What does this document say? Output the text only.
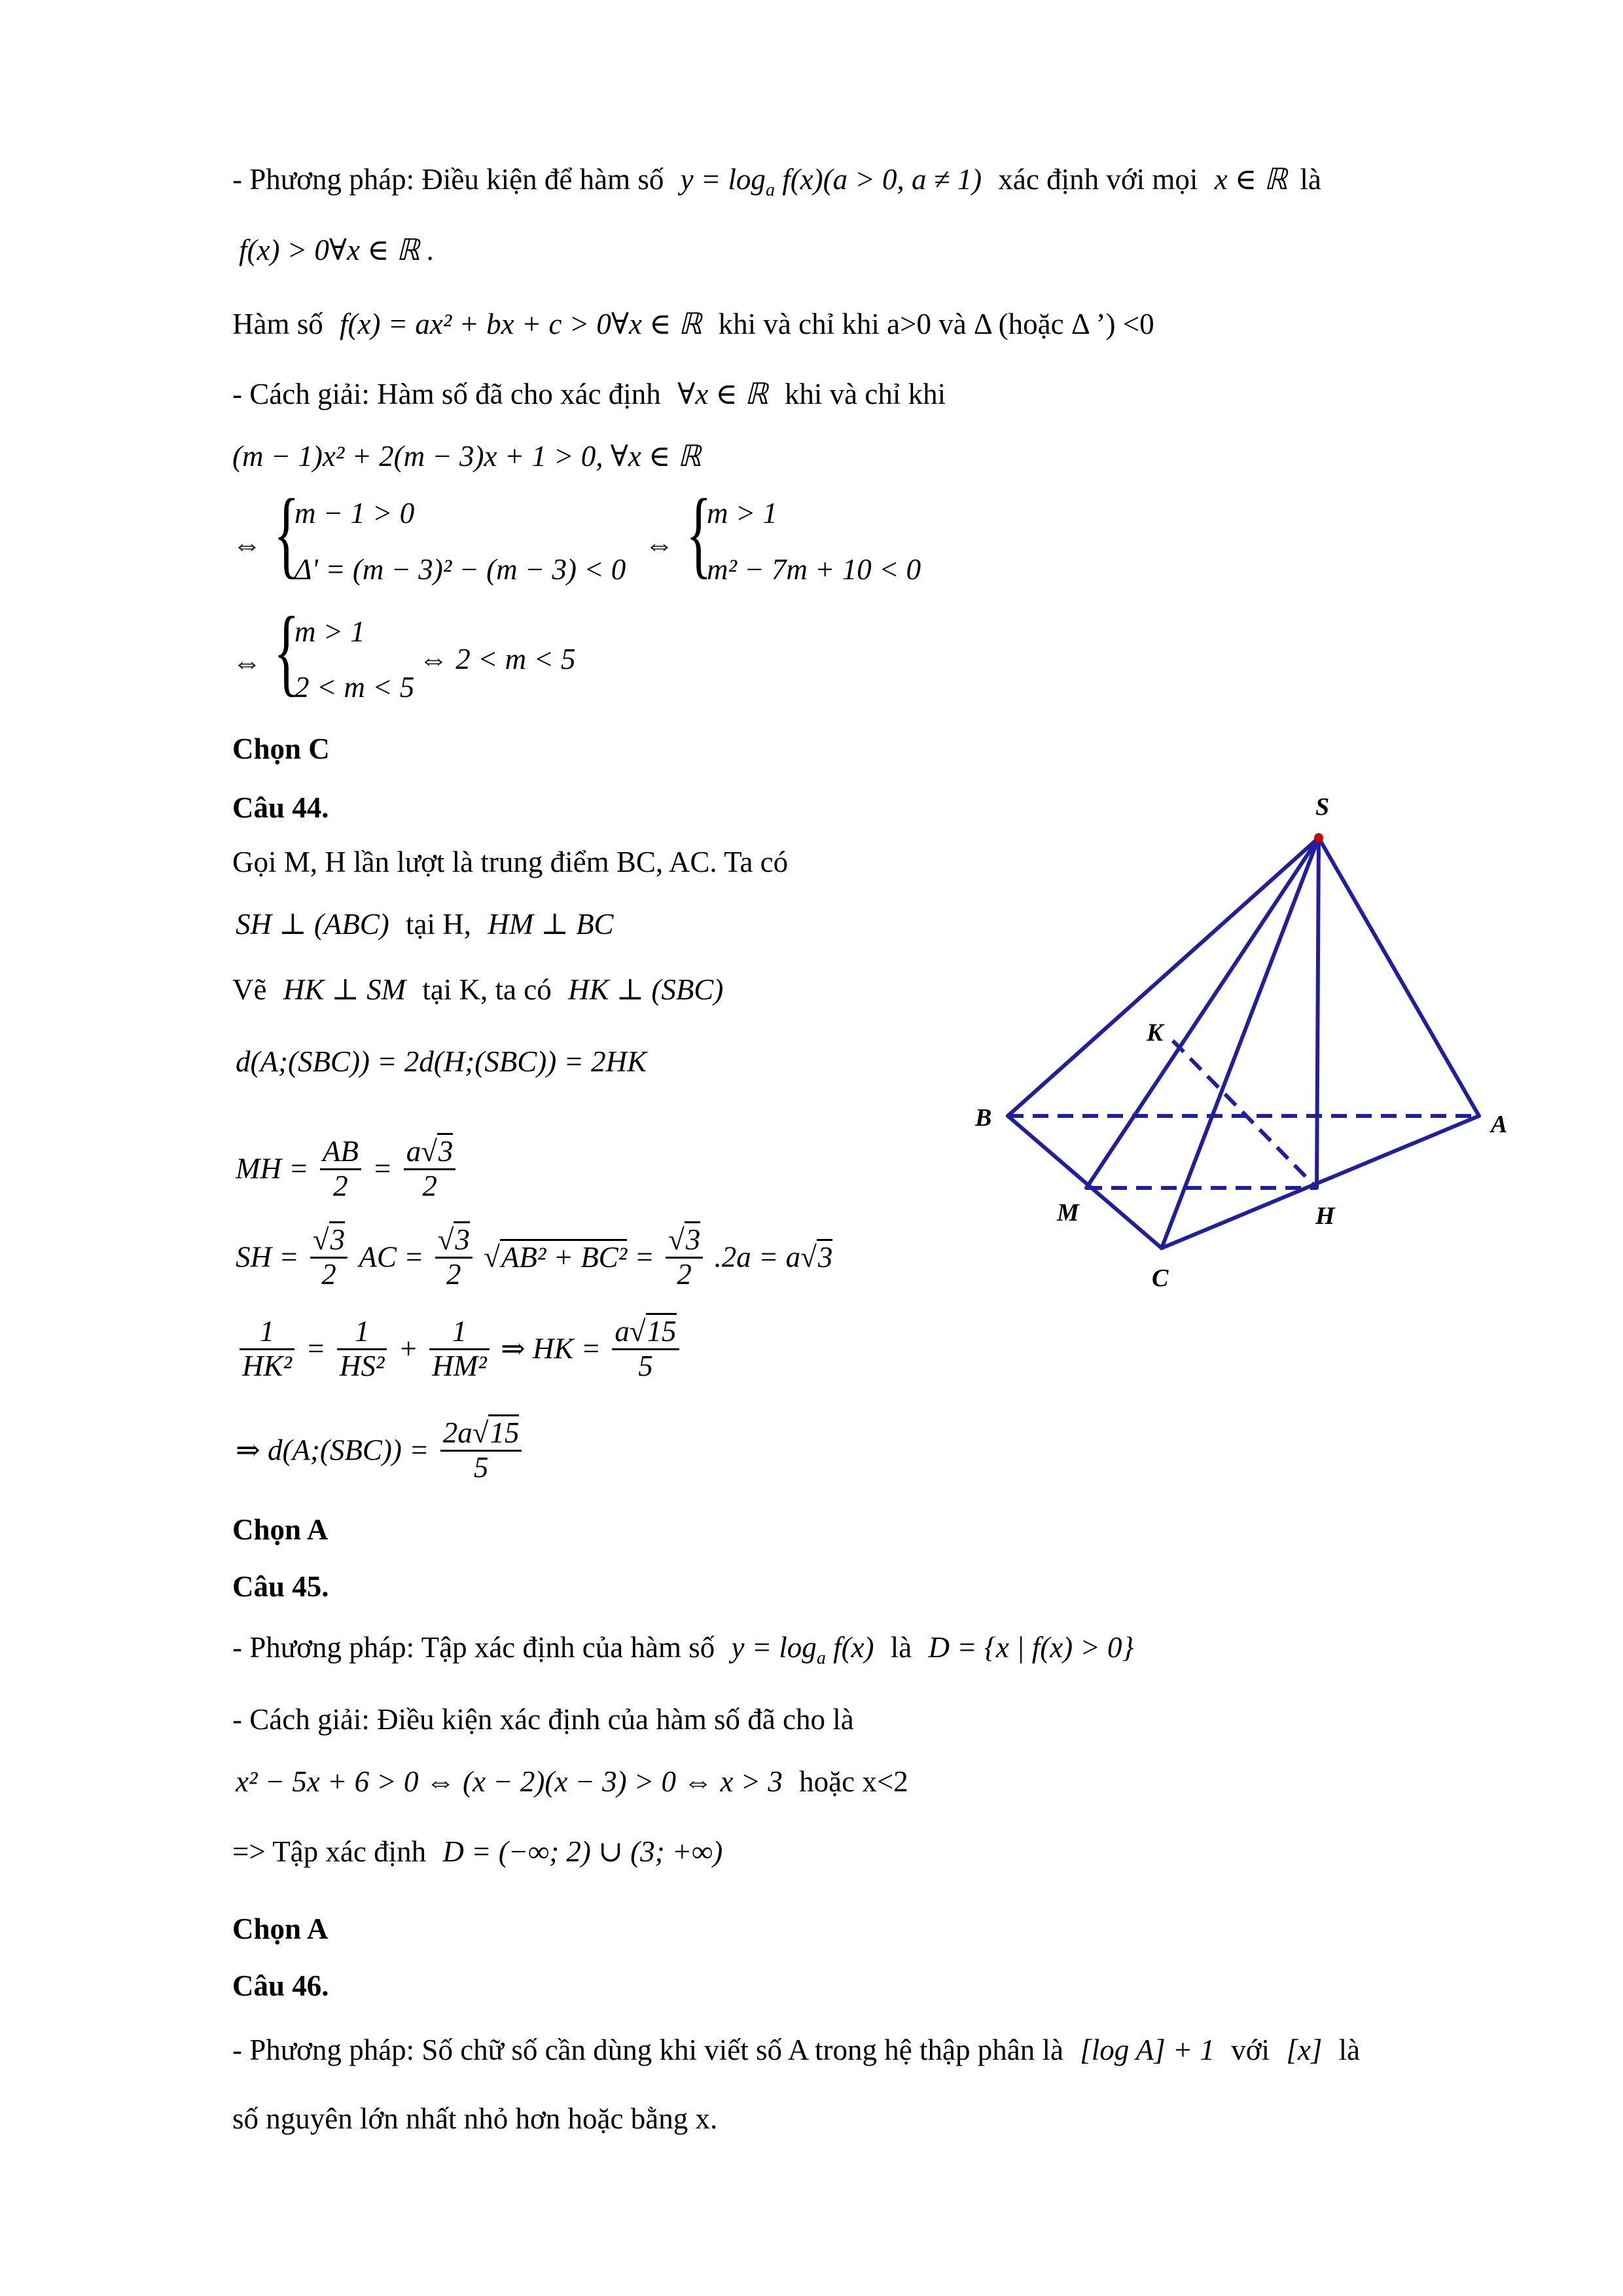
- Phương pháp: Điều kiện để hàm số $y = \log_a f(x)(a > 0$, a ≠ 1) xác định với mọi x ∈ ℝ là
f(x) > 0∀x ∈ ℝ .
Hàm số f(x) = ax² + bx + c > 0∀x ∈ ℝ khi và chỉ khi a>0 và Δ (hoặc Δ ’) <0
- Cách giải: Hàm số đã cho xác định ∀x ∈ ℝ khi và chỉ khi
(m − 1)x² + 2(m − 3)x + 1 > 0, ∀x ∈ ℝ
⇔ {
m − 1 > 0
Δ' = (m − 3)² − (m − 3) < 0
⇔ {
m > 1
m² − 7m + 10 < 0
⇔ {
m > 1
2 < m < 5
⇔ 2 < m < 5
Chọn C
Câu 44.
Gọi M, H lần lượt là trung điểm BC, AC. Ta có
SH ⊥ (ABC) tại H, HM ⊥ BC
Vẽ HK ⊥ SM tại K, ta có HK ⊥ (SBC)
d(A;(SBC)) = 2d(H;(SBC)) = 2HK
MH = $\frac{AB}{2} = \frac{a√3}{2}$
SH = $\frac{√3}{2}$ AC = $\frac{√3}{2} √AB^2 + BC^2 = \frac{√3}{2} .2a = a√3$
$\frac{1}{\text{HK²}} = \frac{1}{\text{HS²}} + \frac{1}{\text{HM²}}$ ⇒ HK = $\frac{a√15}{5}$
⇒ d(A;(SBC)) = $\frac{2a√15}{5}$
Chọn A
S
K
B	A
M	H
C
Câu 45.
- Phương pháp: Tập xác định của hàm số $y = \log_a f(x)$ là D = {x | f(x) > 0}
- Cách giải: Điều kiện xác định của hàm số đã cho là
x² − 5x + 6 > 0 ⇔ (x − 2)(x − 3) > 0 ⇔ x > 3 hoặc x<2
=> Tập xác định D = (−∞; 2) ∪ (3; +∞)
Chọn A
Câu 46.
- Phương pháp: Số chữ số cần dùng khi viết số A trong hệ thập phân là [log A] + 1 với [x] là
số nguyên lớn nhất nhỏ hơn hoặc bằng x.
